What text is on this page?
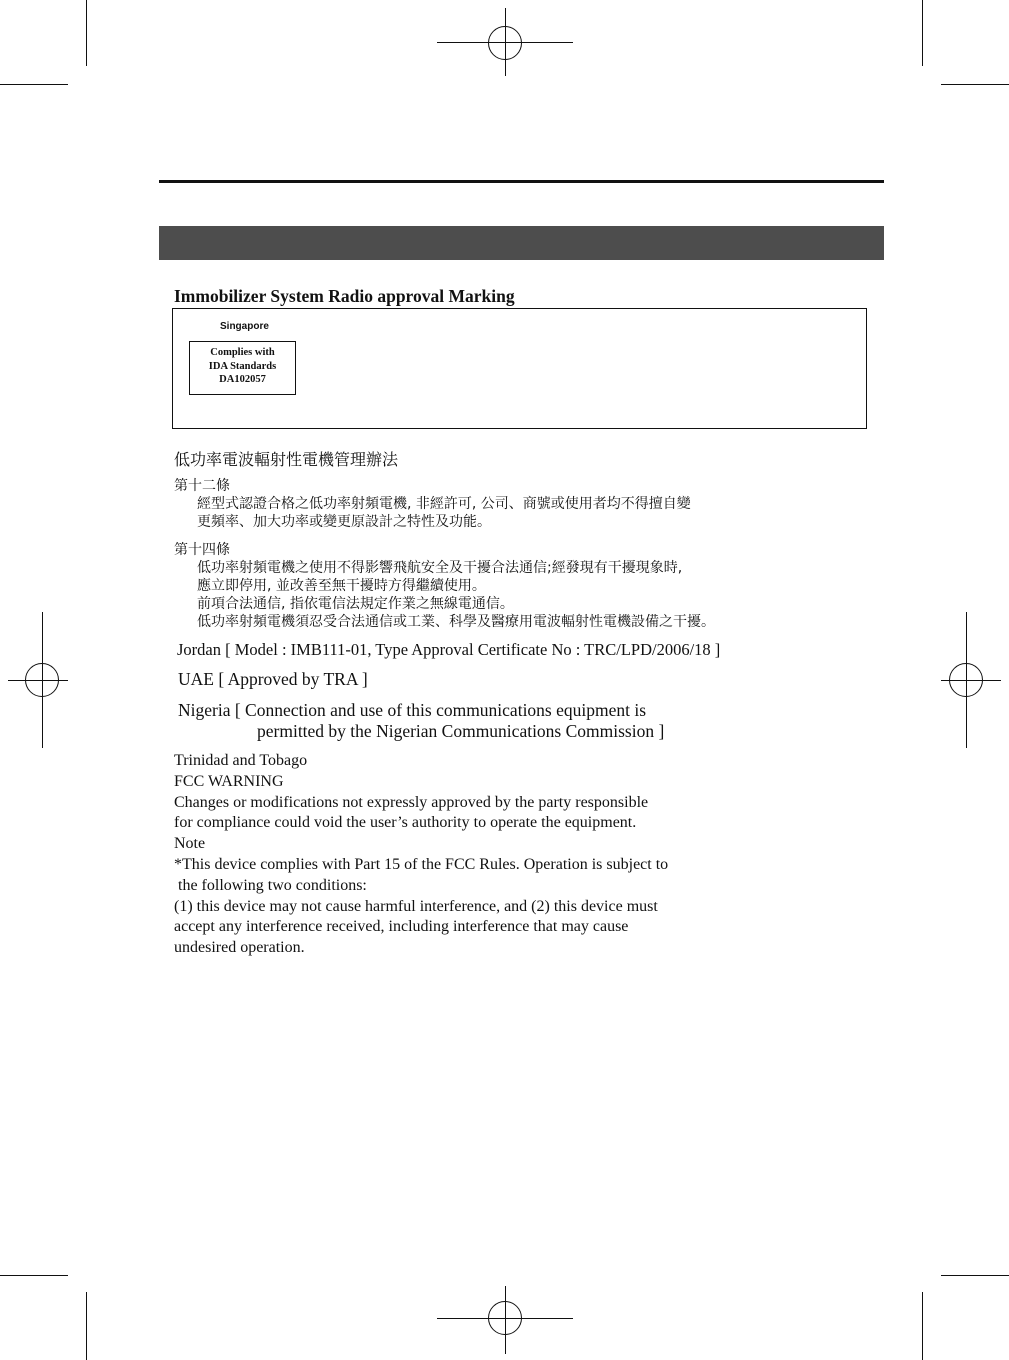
Immobilizer System Radio approval Marking
Singapore
Complies with
IDA Standards
DA102057
低功率電波輻射性電機管理辦法
第十二條
經型式認證合格之低功率射頻電機, 非經許可, 公司、商號或使用者均不得擅自變
更頻率、加大功率或變更原設計之特性及功能。
第十四條
低功率射頻電機之使用不得影響飛航安全及干擾合法通信;經發現有干擾現象時,
應立即停用, 並改善至無干擾時方得繼續使用。
前項合法通信, 指依電信法規定作業之無線電通信。
低功率射頻電機須忍受合法通信或工業、科學及醫療用電波輻射性電機設備之干擾。
Jordan [ Model : IMB111-01, Type Approval Certificate No : TRC/LPD/2006/18 ]
UAE [ Approved by TRA ]
Nigeria [ Connection and use of this communications equipment is
permitted by the Nigerian Communications Commission ]
Trinidad and Tobago
FCC WARNING
Changes or modifications not expressly approved by the party responsible
for compliance could void the user’s authority to operate the equipment.
Note
*This device complies with Part 15 of the FCC Rules. Operation is subject to
the following two conditions:
(1) this device may not cause harmful interference, and (2) this device must
accept any interference received, including interference that may cause
undesired operation.
